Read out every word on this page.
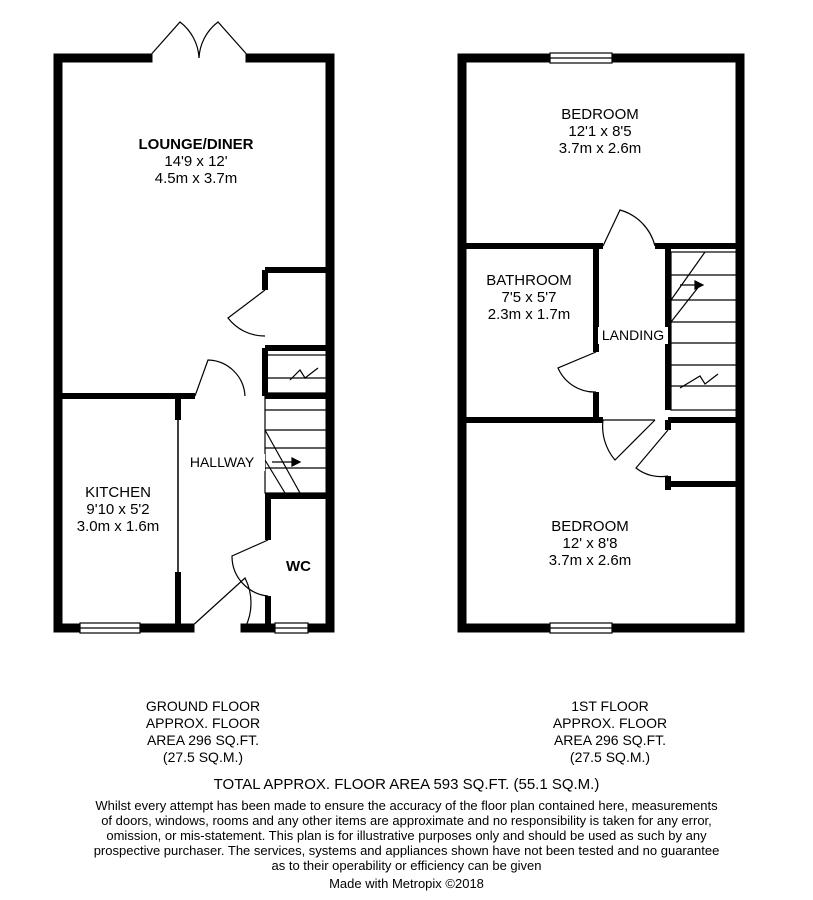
LOUNGE/DINER
14'9 x 12'
4.5m x 3.7m
KITCHEN
9'10 x 5'2
3.0m x 1.6m
HALLWAY
WC
BEDROOM
12'1 x 8'5
3.7m x 2.6m
BATHROOM
7'5 x 5'7
2.3m x 1.7m
LANDING
BEDROOM
12' x 8'8
3.7m x 2.6m
GROUND FLOOR
APPROX. FLOOR
AREA 296 SQ.FT.
(27.5 SQ.M.)
1ST FLOOR
APPROX. FLOOR
AREA 296 SQ.FT.
(27.5 SQ.M.)
TOTAL APPROX. FLOOR AREA 593 SQ.FT. (55.1 SQ.M.)
Whilst every attempt has been made to ensure the accuracy of the floor plan contained here, measurements of doors, windows, rooms and any other items are approximate and no responsibility is taken for any error, omission, or mis-statement. This plan is for illustrative purposes only and should be used as such by any prospective purchaser. The services, systems and appliances shown have not been tested and no guarantee as to their operability or efficiency can be given
Made with Metropix ©2018
